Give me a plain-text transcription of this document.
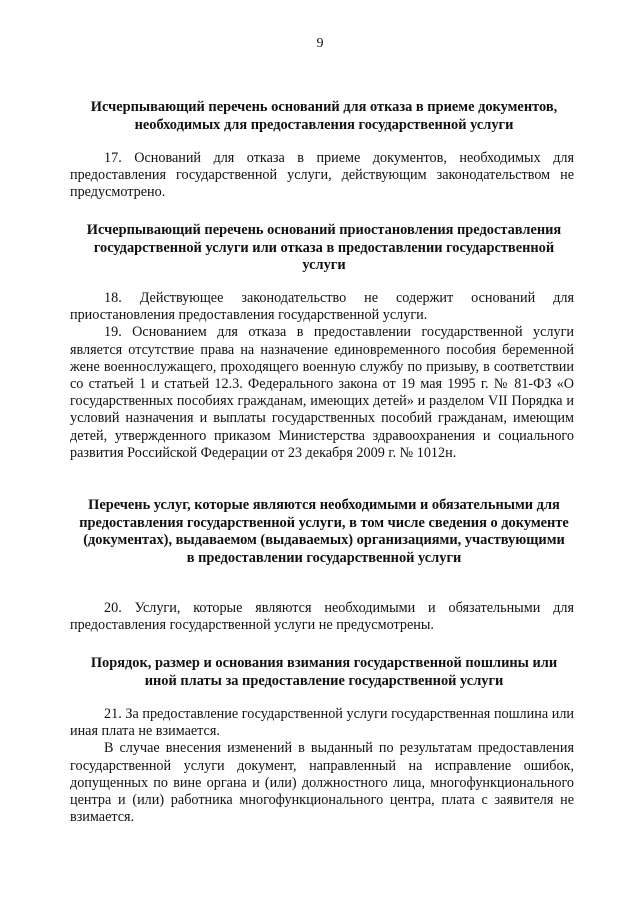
9
Исчерпывающий перечень оснований для отказа в приеме документов, необходимых для предоставления государственной услуги

17. Оснований для отказа в приеме документов, необходимых для предоставления государственной услуги, действующим законодательством не предусмотрено.

Исчерпывающий перечень оснований приостановления предоставления государственной услуги или отказа в предоставлении государственной услуги

18. Действующее законодательство не содержит оснований для приостановления предоставления государственной услуги.

19. Основанием для отказа в предоставлении государственной услуги является отсутствие права на назначение единовременного пособия беременной жене военнослужащего, проходящего военную службу по призыву, в соответствии со статьей 1 и статьей 12.3. Федерального закона от 19 мая 1995 г. № 81-ФЗ «О государственных пособиях гражданам, имеющих детей» и разделом VII Порядка и условий назначения и выплаты государственных пособий гражданам, имеющим детей, утвержденного приказом Министерства здравоохранения и социального развития Российской Федерации от 23 декабря 2009 г. № 1012н.

Перечень услуг, которые являются необходимыми и обязательными для предоставления государственной услуги, в том числе сведения о документе (документах), выдаваемом (выдаваемых) организациями, участвующими в предоставлении государственной услуги

20. Услуги, которые являются необходимыми и обязательными для предоставления государственной услуги не предусмотрены.

Порядок, размер и основания взимания государственной пошлины или иной платы за предоставление государственной услуги

21. За предоставление государственной услуги государственная пошлина или иная плата не взимается.

В случае внесения изменений в выданный по результатам предоставления государственной услуги документ, направленный на исправление ошибок, допущенных по вине органа и (или) должностного лица, многофункционального центра и (или) работника многофункционального центра, плата с заявителя не взимается.
